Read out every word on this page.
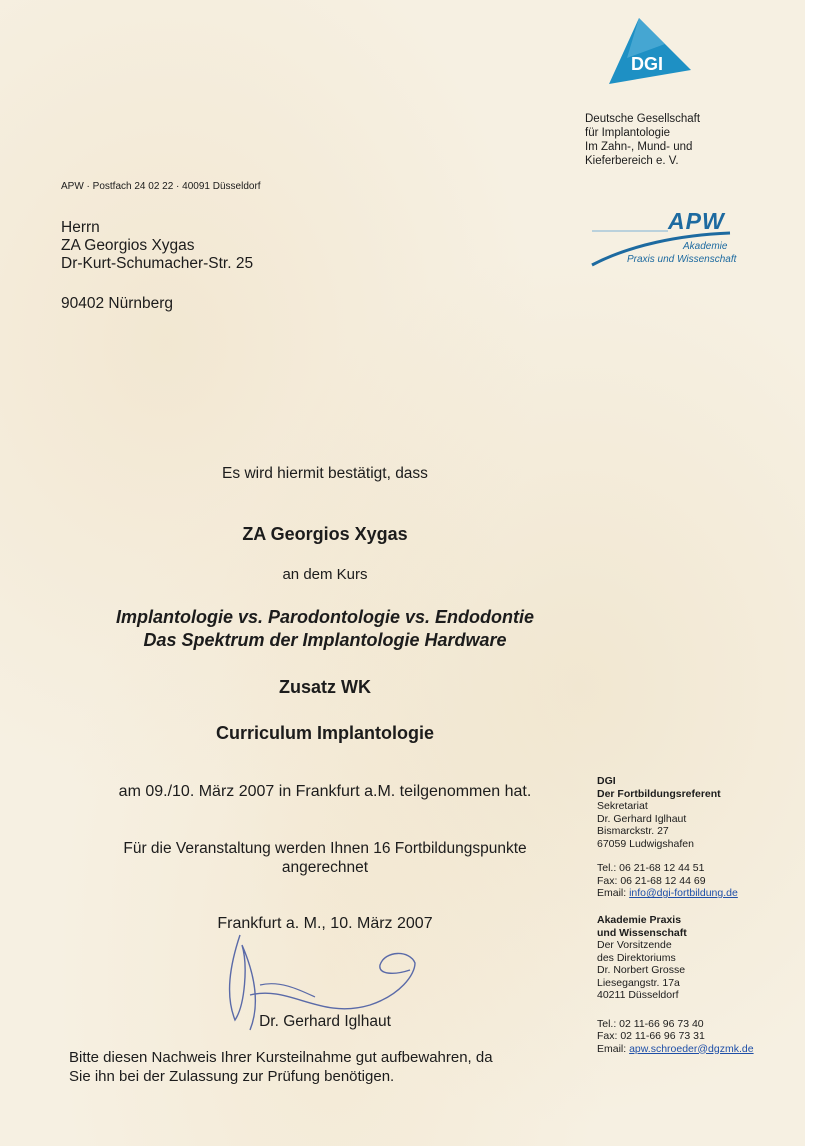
DGI
Deutsche Gesellschaft
für Implantologie
Im Zahn-, Mund- und
Kieferbereich e. V.
APW
Akademie
Praxis und Wissenschaft
APW · Postfach 24 02 22 · 40091 Düsseldorf
Herrn
ZA Georgios Xygas
Dr-Kurt-Schumacher-Str. 25
90402 Nürnberg
Es wird hiermit bestätigt, dass
ZA Georgios Xygas
an dem Kurs
Implantologie vs. Parodontologie vs. Endodontie
Das Spektrum der Implantologie Hardware
Zusatz WK
Curriculum Implantologie
am 09./10. März 2007 in Frankfurt a.M. teilgenommen hat.
Für die Veranstaltung werden Ihnen 16 Fortbildungspunkte
angerechnet
Frankfurt a. M., 10. März 2007
Dr. Gerhard Iglhaut
Bitte diesen Nachweis Ihrer Kursteilnahme gut aufbewahren, da
Sie ihn bei der Zulassung zur Prüfung benötigen.
DGI
Der Fortbildungsreferent
Sekretariat
Dr. Gerhard Iglhaut
Bismarckstr. 27
67059 Ludwigshafen
Tel.: 06 21-68 12 44 51
Fax: 06 21-68 12 44 69
Email: info@dgi-fortbildung.de
Akademie Praxis
und Wissenschaft
Der Vorsitzende
des Direktoriums
Dr. Norbert Grosse
Liesegangstr. 17a
40211 Düsseldorf
Tel.: 02 11-66 96 73 40
Fax: 02 11-66 96 73 31
Email: apw.schroeder@dgzmk.de
